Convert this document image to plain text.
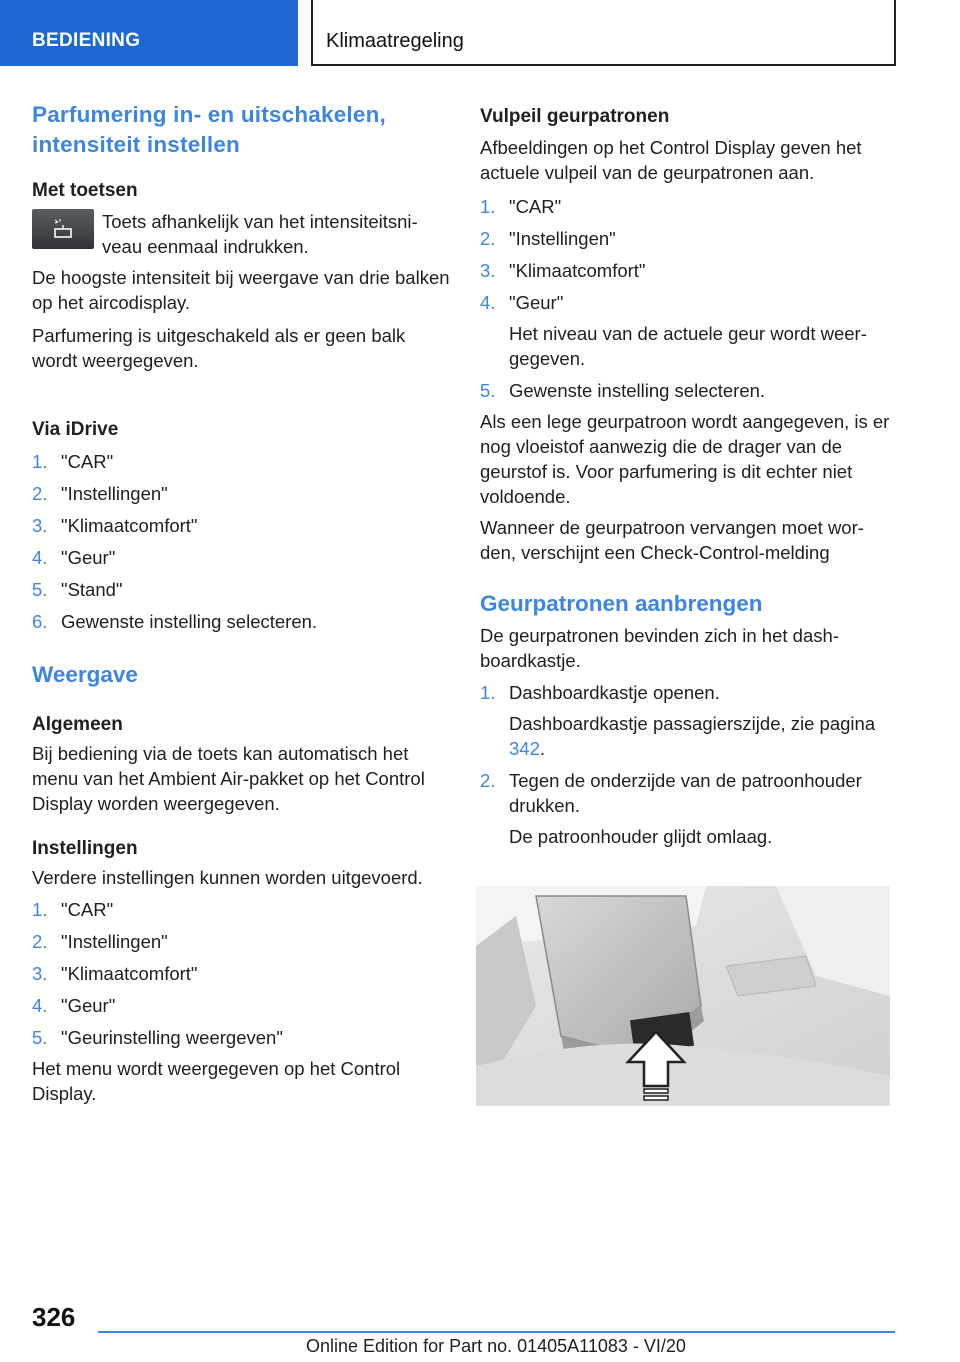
BEDIENING	Klimaatregeling
Parfumering in- en uitschakelen, intensiteit instellen
Met toetsen
Toets afhankelijk van het intensiteitsniveau eenmaal indrukken.

De hoogste intensiteit bij weergave van drie balken op het aircodisplay.

Parfumering is uitgeschakeld als er geen balk wordt weergegeven.

Via iDrive
1. "CAR"
2. "Instellingen"
3. "Klimaatcomfort"
4. "Geur"
5. "Stand"
6. Gewenste instelling selecteren.
Weergave
Algemeen

Bij bediening via de toets kan automatisch het menu van het Ambient Air-pakket op het Control Display worden weergegeven.

Instellingen

Verdere instellingen kunnen worden uitgevoerd.

1. "CAR"
2. "Instellingen"
3. "Klimaatcomfort"
4. "Geur"
5. "Geurinstelling weergeven"

Het menu wordt weergegeven op het Control Display.

Vulpeil geurpatronen

Afbeeldingen op het Control Display geven het actuele vulpeil van de geurpatronen aan.

1. "CAR"
2. "Instellingen"
3. "Klimaatcomfort"
4. "Geur"
Het niveau van de actuele geur wordt weergegeven.
5. Gewenste instelling selecteren.

Als een lege geurpatroon wordt aangegeven, is er nog vloeistof aanwezig die de drager van de geurstof is. Voor parfumering is dit echter niet voldoende.

Wanneer de geurpatroon vervangen moet worden, verschijnt een Check-Control-melding

Geurpatronen aanbrengen

De geurpatronen bevinden zich in het dashboardkastje.

1. Dashboardkastje openen.
Dashboardkastje passagierszijde, zie pagina 342.
2. Tegen de onderzijde van de patroonhouder drukken.
De patroonhouder glijdt omlaag.
326
Online Edition for Part no. 01405A11083 - VI/20
